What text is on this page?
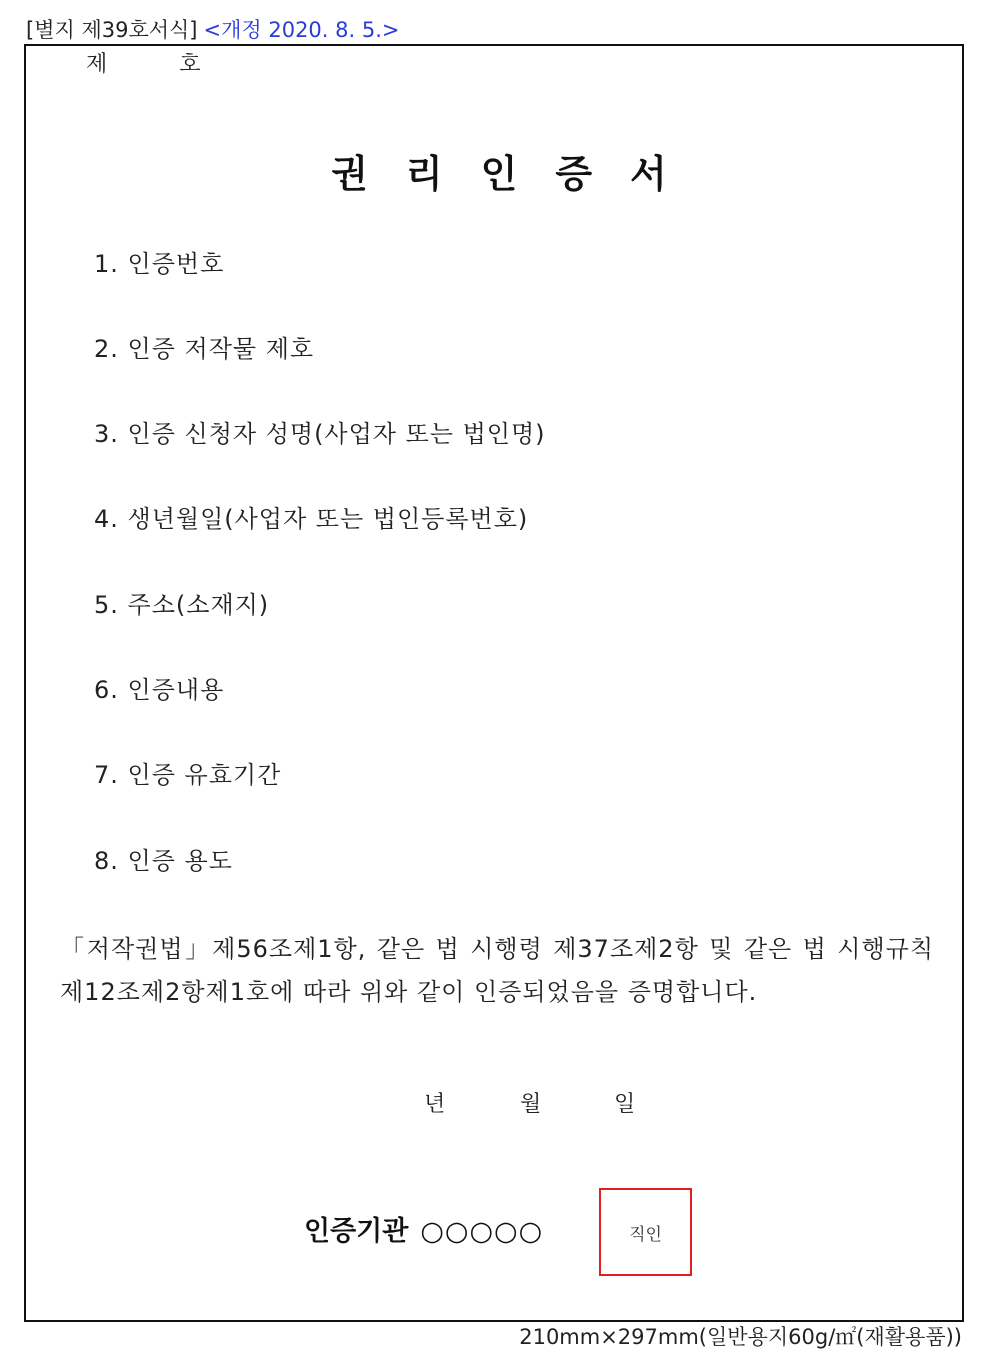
[별지 제39호서식] <개정 2020. 8. 5.>
제	호
권리인증서
1. 인증번호
2. 인증 저작물 제호
3. 인증 신청자 성명(사업자 또는 법인명)
4. 생년월일(사업자 또는 법인등록번호)
5. 주소(소재지)
6. 인증내용
7. 인증 유효기간
8. 인증 용도
「저작권법」제56조제1항, 같은 법 시행령 제37조제2항 및 같은 법 시행규칙 제12조제2항제1호에 따라 위와 같이 인증되었음을 증명합니다.
년	월	일
인증기관 ○○○○○	직인
210mm×297mm(일반용지60g/㎡(재활용품))
